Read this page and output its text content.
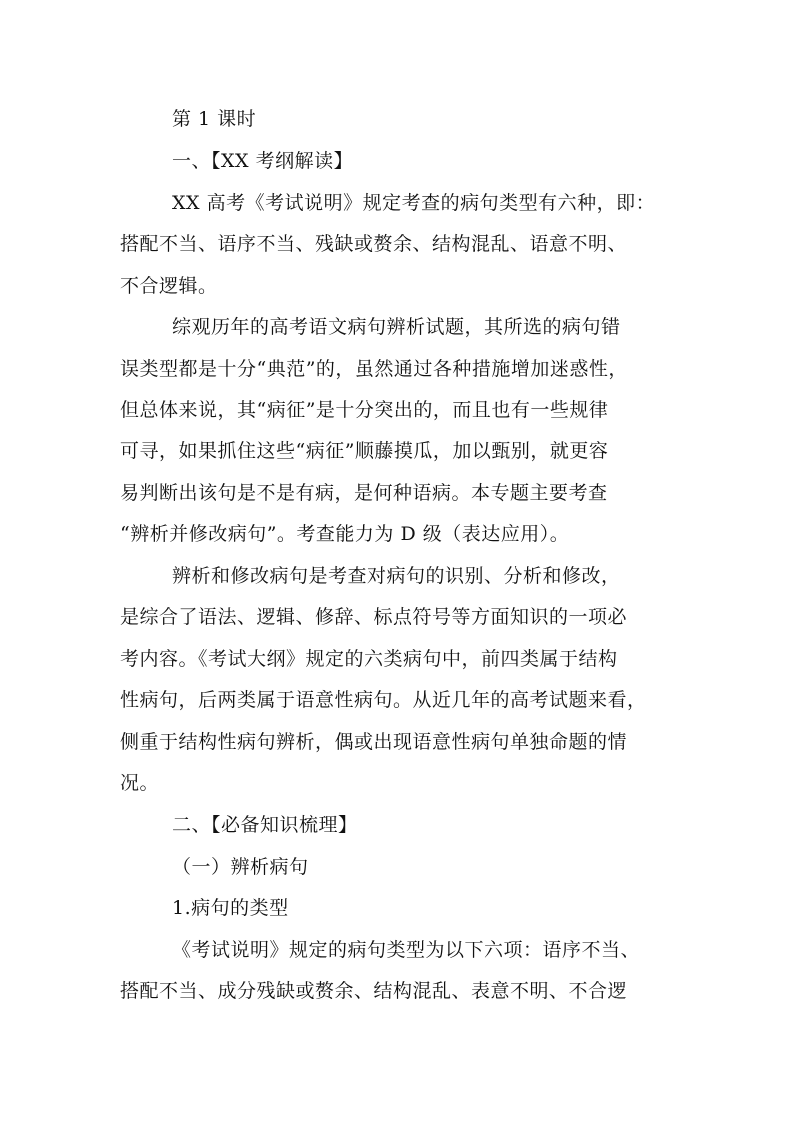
第 1 课时
一、【XX 考纲解读】
XX 高考《考试说明》规定考查的病句类型有六种，即：
搭配不当、语序不当、残缺或赘余、结构混乱、语意不明、
不合逻辑。
综观历年的高考语文病句辨析试题，其所选的病句错
误类型都是十分“典范”的，虽然通过各种措施增加迷惑性，
但总体来说，其“病征”是十分突出的，而且也有一些规律
可寻，如果抓住这些“病征”顺藤摸瓜，加以甄别，就更容
易判断出该句是不是有病，是何种语病。本专题主要考查
“辨析并修改病句”。考查能力为 D 级（表达应用）。
辨析和修改病句是考查对病句的识别、分析和修改，
是综合了语法、逻辑、修辞、标点符号等方面知识的一项必
考内容。《考试大纲》规定的六类病句中，前四类属于结构
性病句，后两类属于语意性病句。从近几年的高考试题来看，
侧重于结构性病句辨析，偶或出现语意性病句单独命题的情
况。
二、【必备知识梳理】
（一）辨析病句
1.病句的类型
《考试说明》规定的病句类型为以下六项：语序不当、
搭配不当、成分残缺或赘余、结构混乱、表意不明、不合逻
